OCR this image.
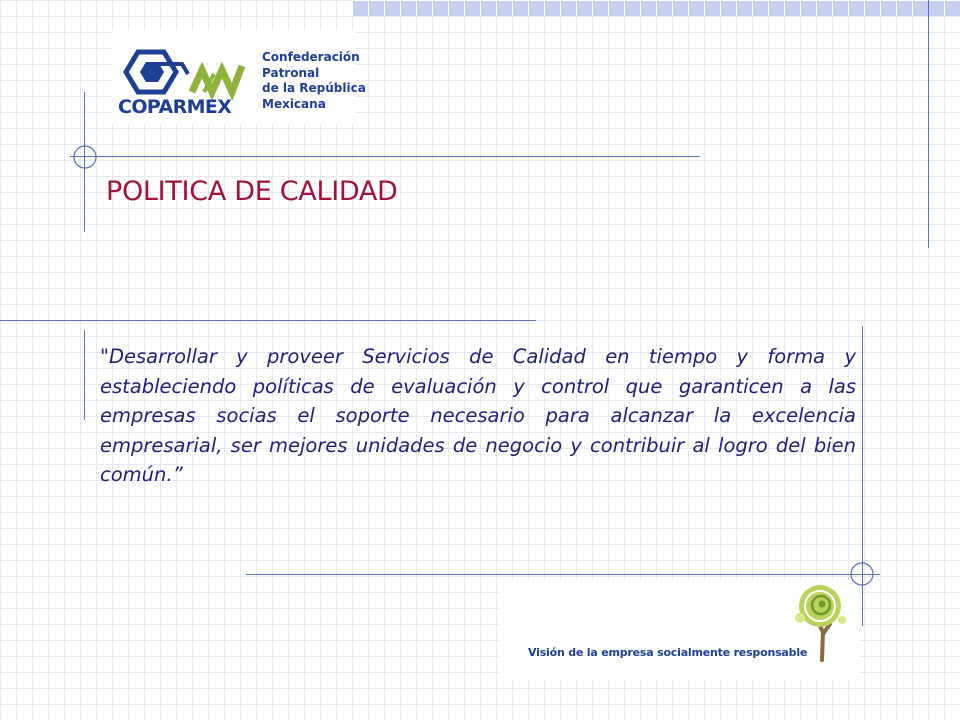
COPARMEX
Confederación
Patronal
de la República
Mexicana
POLITICA DE CALIDAD
"Desarrollar y proveer Servicios de Calidad en tiempo y forma y estableciendo políticas de evaluación y control que garanticen a las empresas socias el soporte necesario para alcanzar la excelencia empresarial, ser mejores unidades de negocio y contribuir al logro del bien común.”
Visión de la empresa socialmente responsable
